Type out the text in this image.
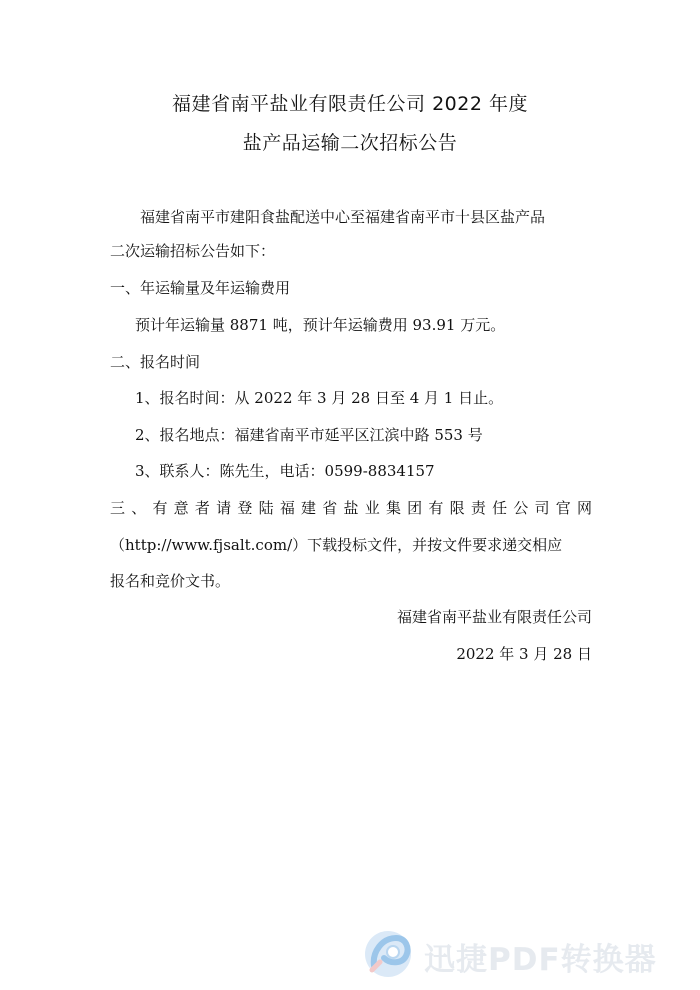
福建省南平盐业有限责任公司 2022 年度
盐产品运输二次招标公告
福建省南平市建阳食盐配送中心至福建省南平市十县区盐产品
二次运输招标公告如下：
一、年运输量及年运输费用
预计年运输量 8871 吨，预计年运输费用 93.91 万元。
二、报名时间
1、报名时间：从 2022 年 3 月 28 日至 4 月 1 日止。
2、报名地点：福建省南平市延平区江滨中路 553 号
3、联系人：陈先生，电话：0599-8834157
三、有意者请登陆福建省盐业集团有限责任公司官网
（http://www.fjsalt.com/）下载投标文件，并按文件要求递交相应
报名和竞价文书。
福建省南平盐业有限责任公司
2022 年 3 月 28 日
迅捷PDF转换器
